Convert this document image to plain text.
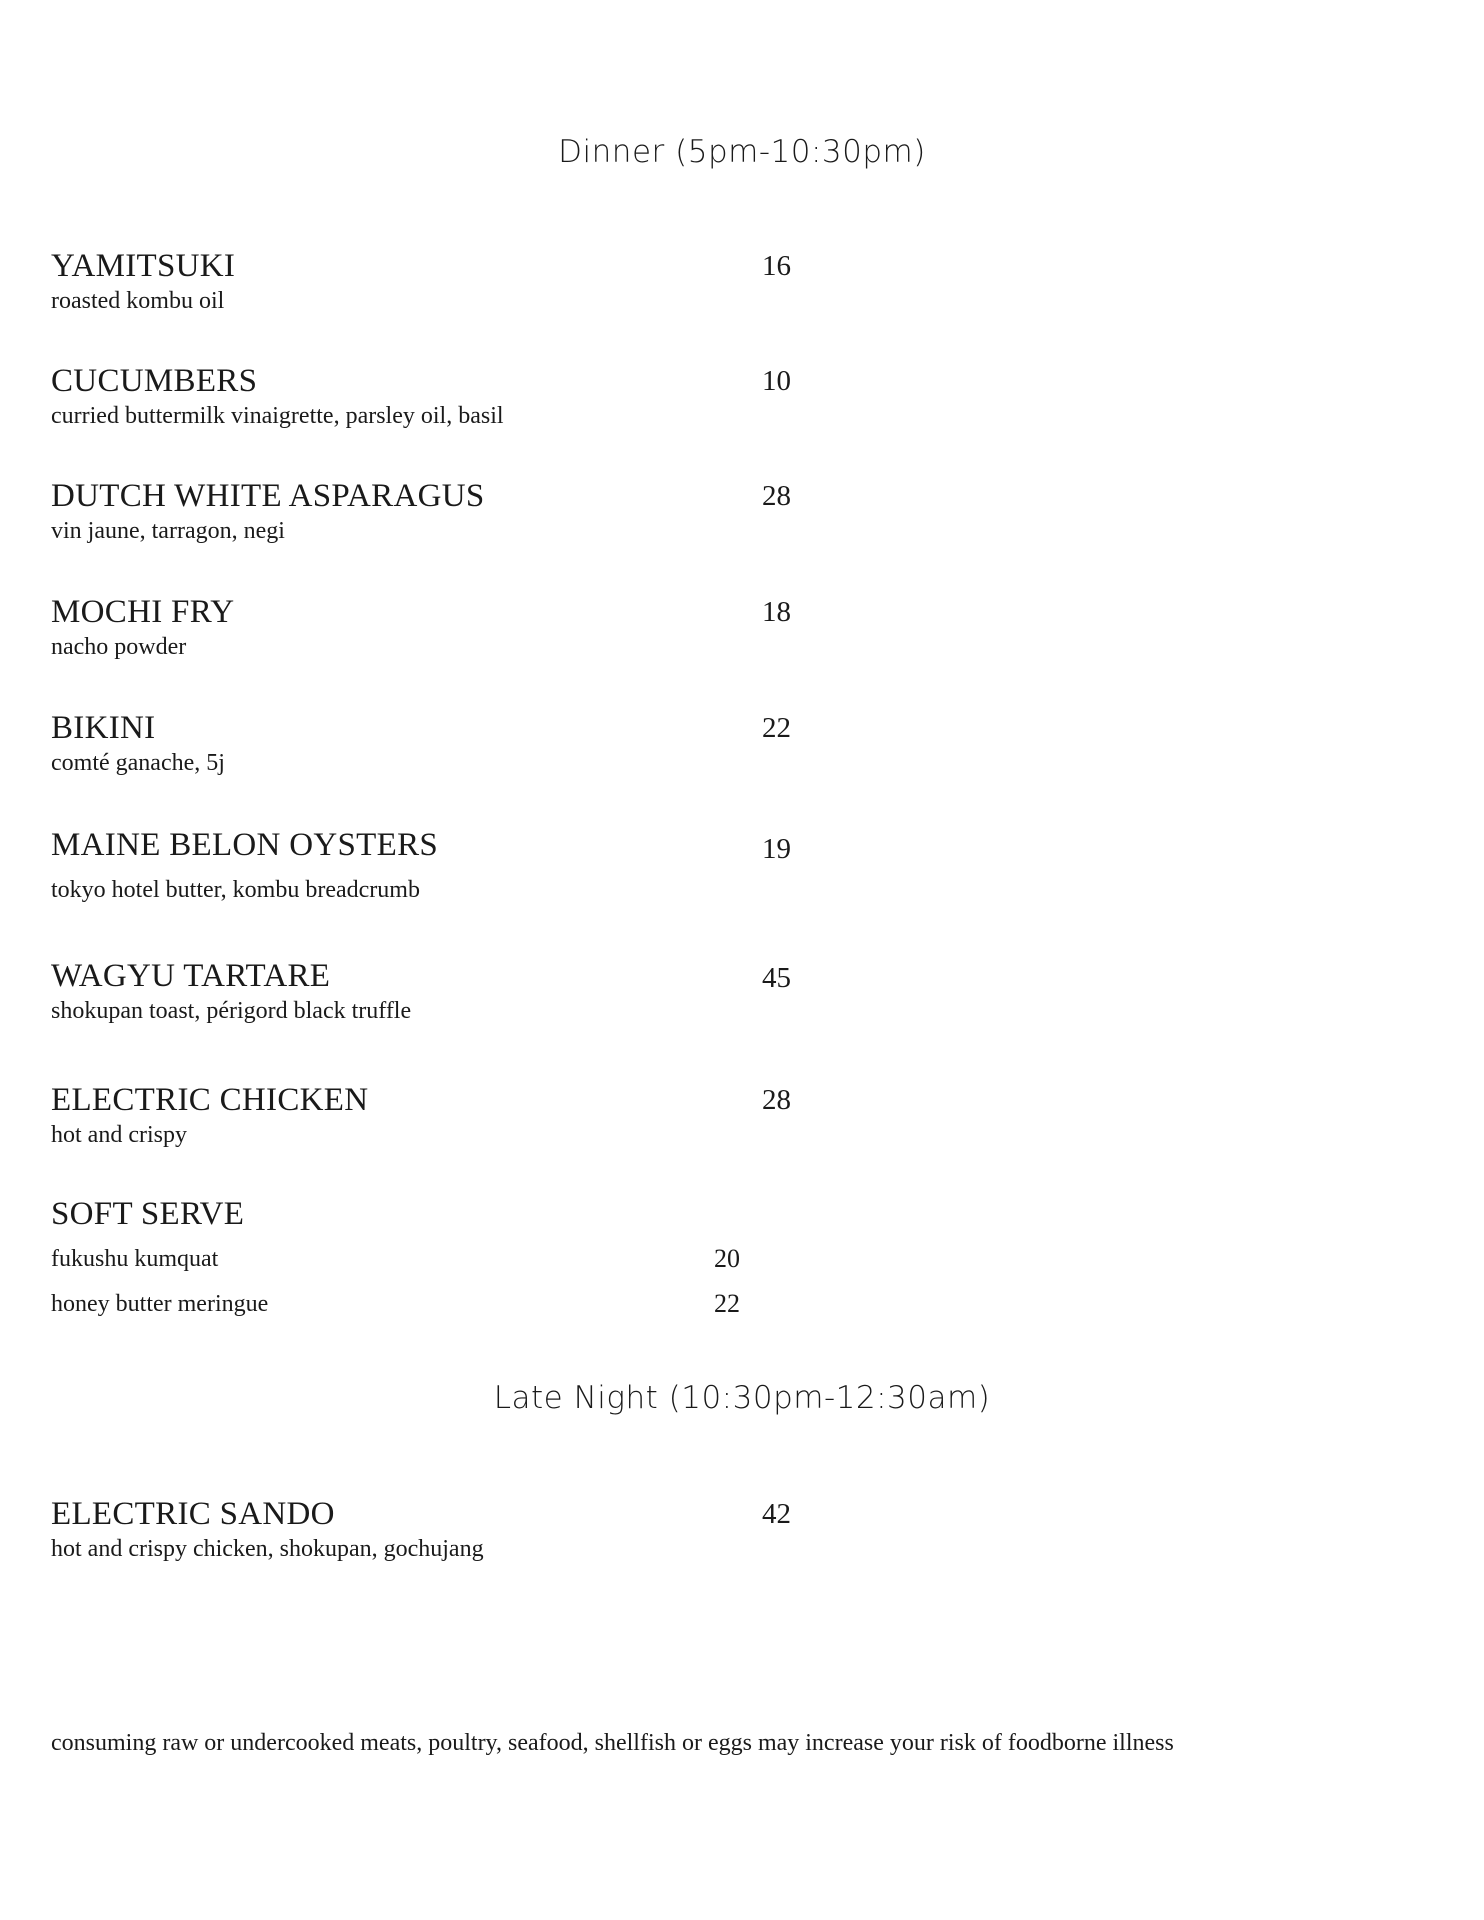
Dinner (5pm-10:30pm)
YAMITSUKI
roasted kombu oil
16
CUCUMBERS
curried buttermilk vinaigrette, parsley oil, basil
10
DUTCH WHITE ASPARAGUS
vin jaune, tarragon, negi
28
MOCHI FRY
nacho powder
18
BIKINI
comté ganache, 5j
22
MAINE BELON OYSTERS
tokyo hotel butter, kombu breadcrumb
19
WAGYU TARTARE
shokupan toast, périgord black truffle
45
ELECTRIC CHICKEN
hot and crispy
28
SOFT SERVE
fukushu kumquat	20
honey butter meringue	22
Late Night (10:30pm-12:30am)
ELECTRIC SANDO
hot and crispy chicken, shokupan, gochujang
42
consuming raw or undercooked meats, poultry, seafood, shellfish or eggs may increase your risk of foodborne illness
